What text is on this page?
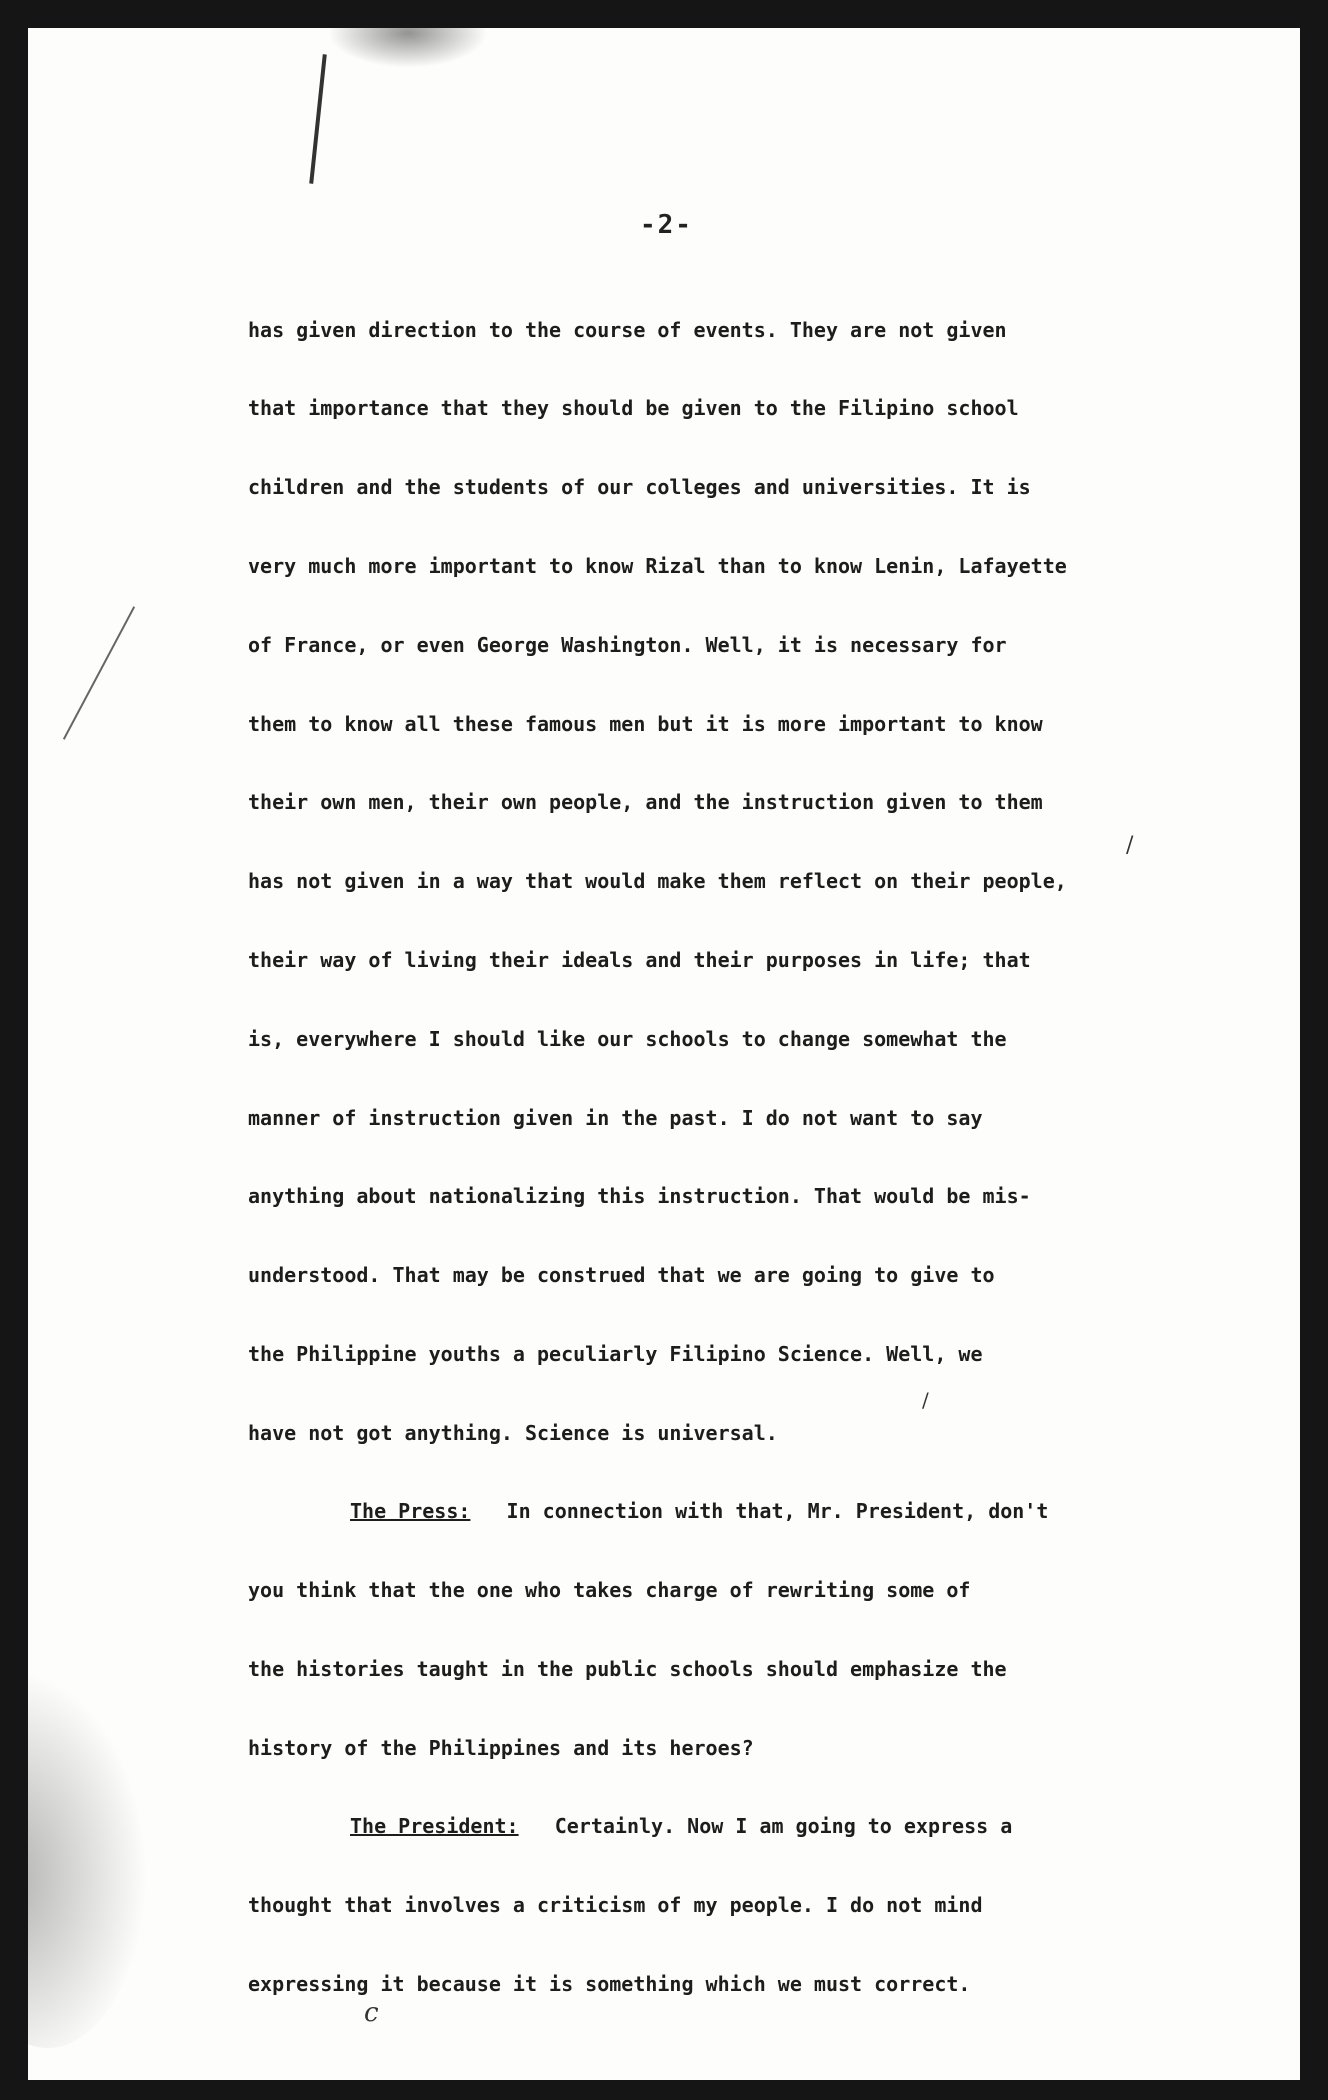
/
/
c
-2-
has given direction to the course of events. They are not given
that importance that they should be given to the Filipino school
children and the students of our colleges and universities. It is
very much more important to know Rizal than to know Lenin, Lafayette
of France, or even George Washington. Well, it is necessary for
them to know all these famous men but it is more important to know
their own men, their own people, and the instruction given to them
has not given in a way that would make them reflect on their people,
their way of living their ideals and their purposes in life; that
is, everywhere I should like our schools to change somewhat the
manner of instruction given in the past. I do not want to say
anything about nationalizing this instruction. That would be mis-
understood. That may be construed that we are going to give to
the Philippine youths a peculiarly Filipino Science. Well, we
have not got anything. Science is universal.
The Press: In connection with that, Mr. President, don't
you think that the one who takes charge of rewriting some of
the histories taught in the public schools should emphasize the
history of the Philippines and its heroes?
The President: Certainly. Now I am going to express a
thought that involves a criticism of my people. I do not mind
expressing it because it is something which we must correct.
